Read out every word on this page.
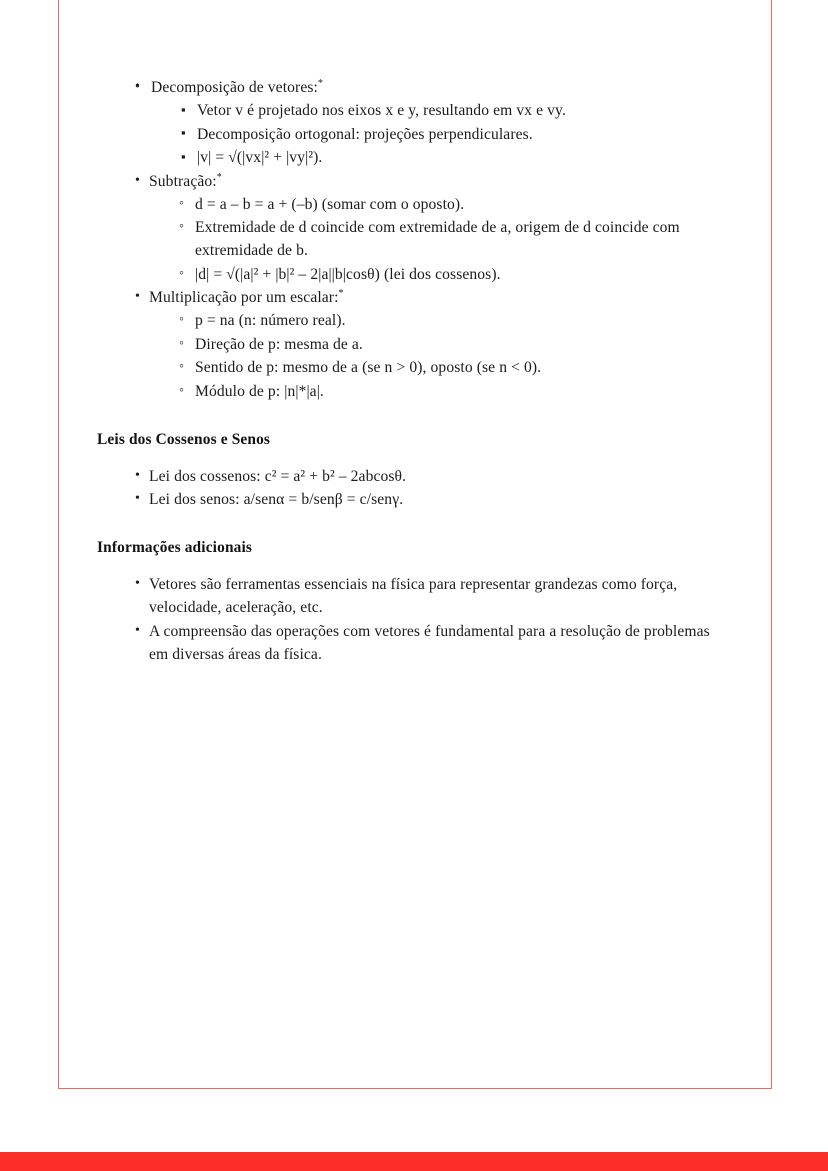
◦ • Decomposição de vetores:*
▪ Vetor v é projetado nos eixos x e y, resultando em vx e vy.
▪ Decomposição ortogonal: projeções perpendiculares.
▪ |v| = √(|vx|² + |vy|²).
• Subtração:*
◦ d = a – b = a + (–b) (somar com o oposto).
◦ Extremidade de d coincide com extremidade de a, origem de d coincide com extremidade de b.
◦ |d| = √(|a|² + |b|² – 2|a||b|cosθ) (lei dos cossenos).
• Multiplicação por um escalar:*
◦ p = na (n: número real).
◦ Direção de p: mesma de a.
◦ Sentido de p: mesmo de a (se n > 0), oposto (se n < 0).
◦ Módulo de p: |n|*|a|.
Leis dos Cossenos e Senos
• Lei dos cossenos: c² = a² + b² – 2abcosθ.
• Lei dos senos: a/senα = b/senβ = c/senγ.
Informações adicionais
• Vetores são ferramentas essenciais na física para representar grandezas como força, velocidade, aceleração, etc.
• A compreensão das operações com vetores é fundamental para a resolução de problemas em diversas áreas da física.
